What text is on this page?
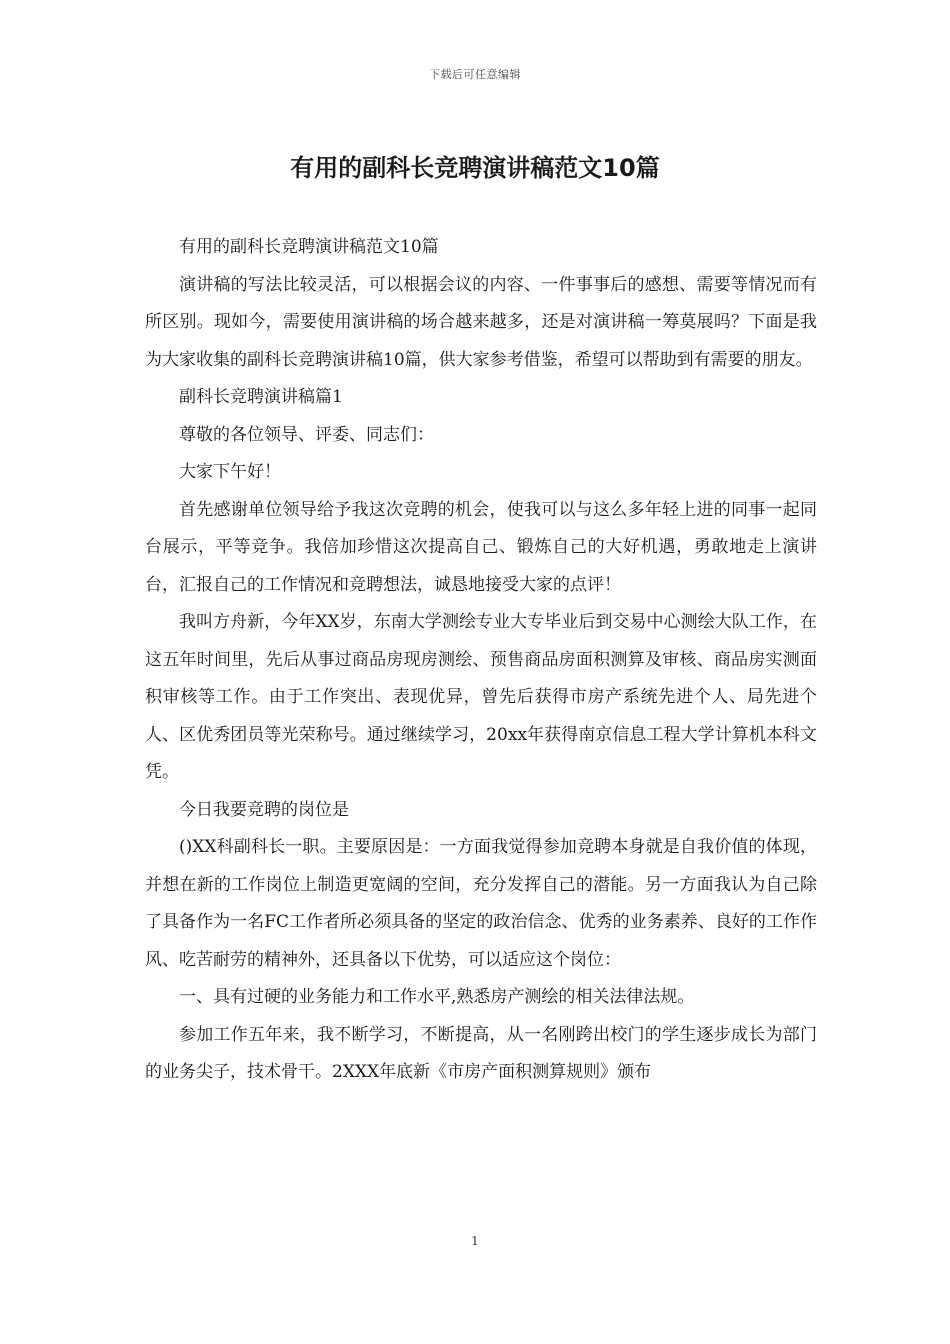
下载后可任意编辑
有用的副科长竞聘演讲稿范文10篇

有用的副科长竞聘演讲稿范文10篇

演讲稿的写法比较灵活，可以根据会议的内容、一件事事后的感想、需要等情况而有所区别。现如今，需要使用演讲稿的场合越来越多，还是对演讲稿一筹莫展吗？下面是我为大家收集的副科长竞聘演讲稿10篇，供大家参考借鉴，希望可以帮助到有需要的朋友。

副科长竞聘演讲稿篇1

尊敬的各位领导、评委、同志们：

大家下午好！

首先感谢单位领导给予我这次竞聘的机会，使我可以与这么多年轻上进的同事一起同台展示，平等竞争。我倍加珍惜这次提高自己、锻炼自己的大好机遇，勇敢地走上演讲台，汇报自己的工作情况和竞聘想法，诚恳地接受大家的点评！

我叫方舟新，今年XX岁，东南大学测绘专业大专毕业后到交易中心测绘大队工作，在这五年时间里，先后从事过商品房现房测绘、预售商品房面积测算及审核、商品房实测面积审核等工作。由于工作突出、表现优异，曾先后获得市房产系统先进个人、局先进个人、区优秀团员等光荣称号。通过继续学习，20xx年获得南京信息工程大学计算机本科文凭。

今日我要竞聘的岗位是

()XX科副科长一职。主要原因是：一方面我觉得参加竞聘本身就是自我价值的体现，并想在新的工作岗位上制造更宽阔的空间，充分发挥自己的潜能。另一方面我认为自己除了具备作为一名FC工作者所必须具备的坚定的政治信念、优秀的业务素养、良好的工作作风、吃苦耐劳的精神外，还具备以下优势，可以适应这个岗位：

一、具有过硬的业务能力和工作水平,熟悉房产测绘的相关法律法规。

参加工作五年来，我不断学习，不断提高，从一名刚跨出校门的学生逐步成长为部门的业务尖子，技术骨干。2XXX年底新《市房产面积测算规则》颁布

1
